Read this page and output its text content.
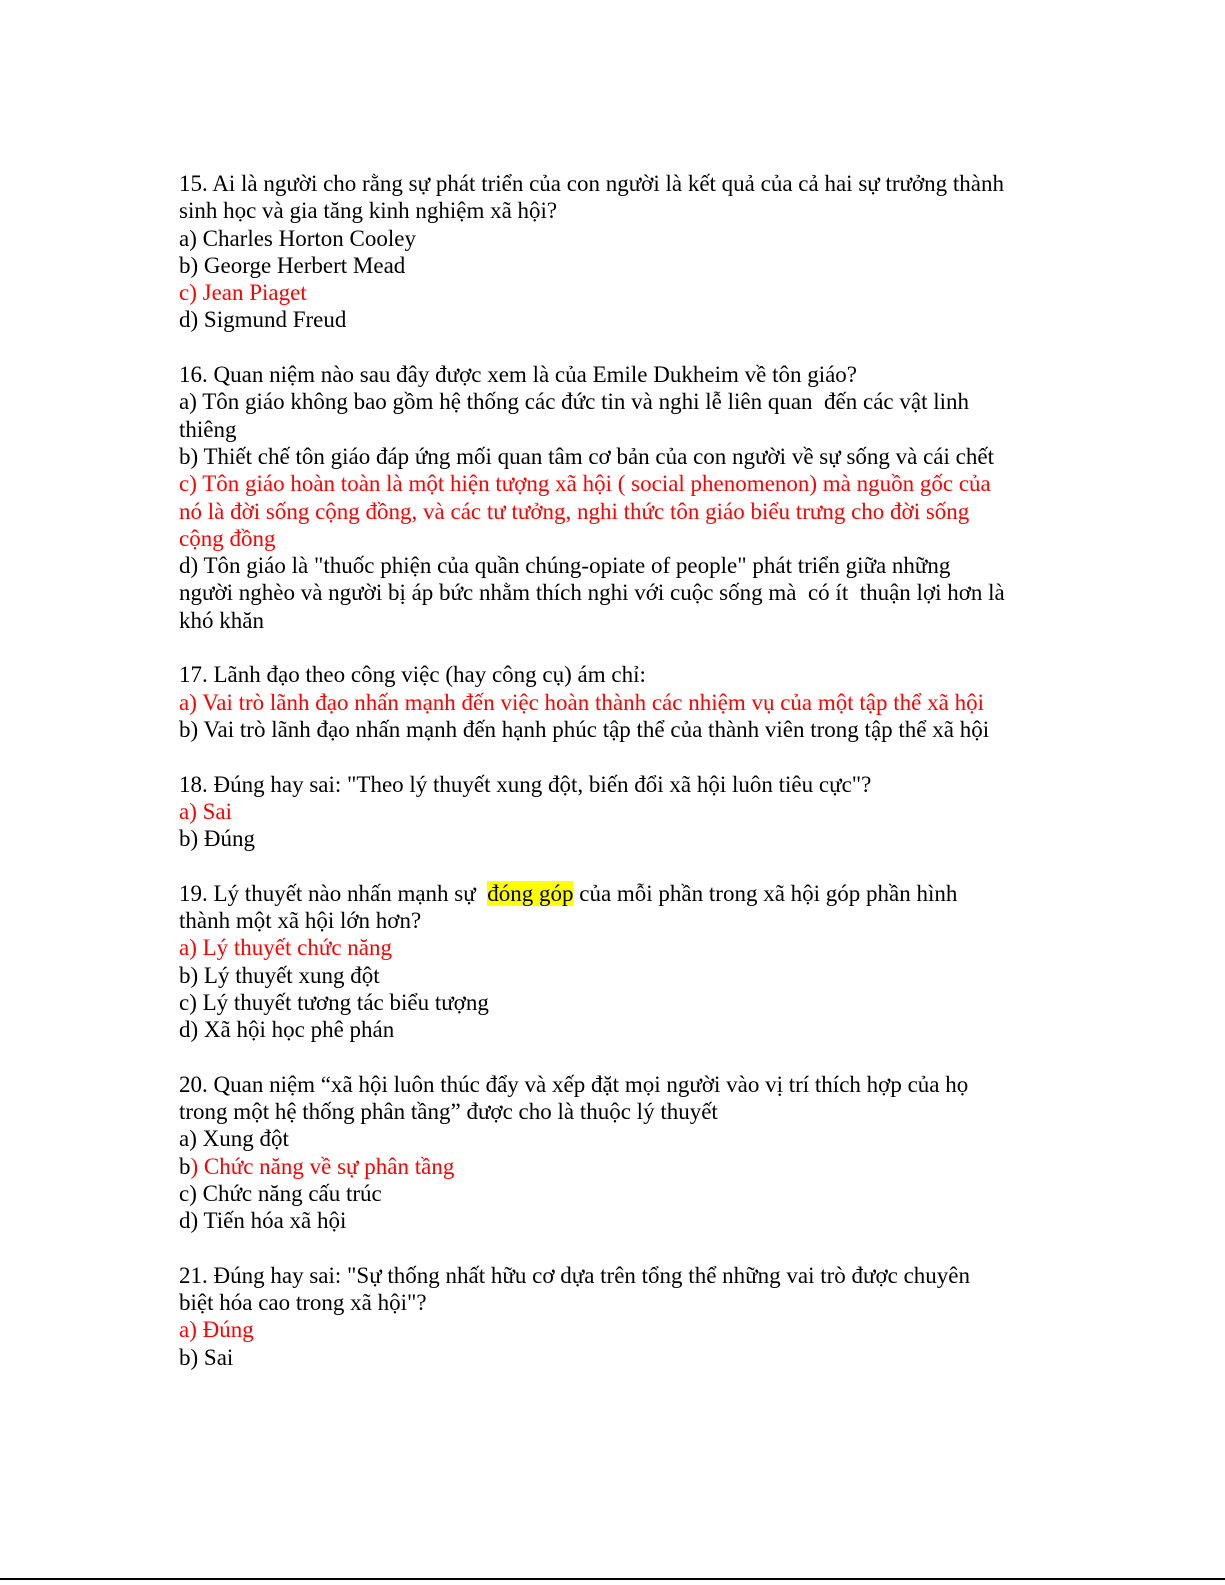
15. Ai là người cho rằng sự phát triển của con người là kết quả của cả hai sự trưởng thành
sinh học và gia tăng kinh nghiệm xã hội?
a) Charles Horton Cooley
b) George Herbert Mead
c) Jean Piaget
d) Sigmund Freud
16. Quan niệm nào sau đây được xem là của Emile Dukheim về tôn giáo?
a) Tôn giáo không bao gồm hệ thống các đức tin và nghi lễ liên quan  đến các vật linh
thiêng
b) Thiết chế tôn giáo đáp ứng mối quan tâm cơ bản của con người về sự sống và cái chết
c) Tôn giáo hoàn toàn là một hiện tượng xã hội ( social phenomenon) mà nguồn gốc của
nó là đời sống cộng đồng, và các tư tưởng, nghi thức tôn giáo biểu trưng cho đời sống
cộng đồng
d) Tôn giáo là "thuốc phiện của quần chúng-opiate of people" phát triển giữa những
người nghèo và người bị áp bức nhằm thích nghi với cuộc sống mà  có ít  thuận lợi hơn là
khó khăn
17. Lãnh đạo theo công việc (hay công cụ) ám chỉ:
a) Vai trò lãnh đạo nhấn mạnh đến việc hoàn thành các nhiệm vụ của một tập thể xã hội
b) Vai trò lãnh đạo nhấn mạnh đến hạnh phúc tập thể của thành viên trong tập thể xã hội
18. Đúng hay sai: "Theo lý thuyết xung đột, biến đổi xã hội luôn tiêu cực"?
a) Sai
b) Đúng
19. Lý thuyết nào nhấn mạnh sự  đóng góp của mỗi phần trong xã hội góp phần hình
thành một xã hội lớn hơn?
a) Lý thuyết chức năng
b) Lý thuyết xung đột
c) Lý thuyết tương tác biểu tượng
d) Xã hội học phê phán
20. Quan niệm “xã hội luôn thúc đẩy và xếp đặt mọi người vào vị trí thích hợp của họ
trong một hệ thống phân tầng” được cho là thuộc lý thuyết
a) Xung đột
b) Chức năng về sự phân tầng
c) Chức năng cấu trúc
d) Tiến hóa xã hội
21. Đúng hay sai: "Sự thống nhất hữu cơ dựa trên tổng thể những vai trò được chuyên
biệt hóa cao trong xã hội"?
a) Đúng
b) Sai
